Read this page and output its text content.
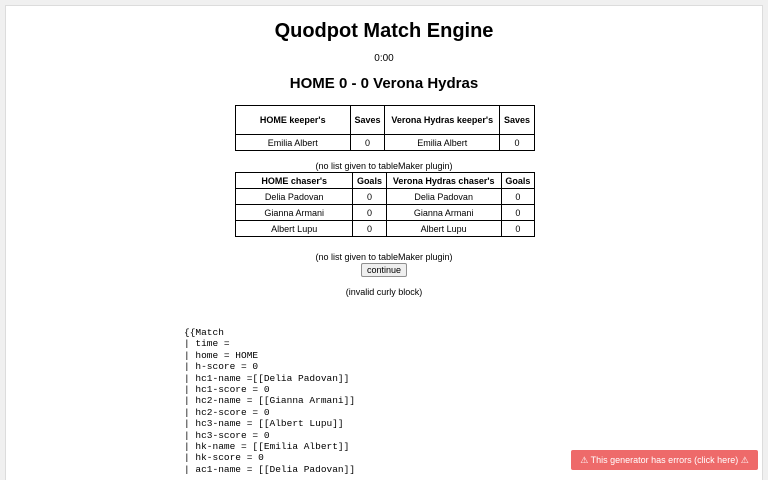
Quodpot Match Engine
0:00
HOME 0 - 0 Verona Hydras
HOME keeper's	Saves	Verona Hydras keeper's	Saves
Emilia Albert	0	Emilia Albert	0
(no list given to tableMaker plugin)
HOME chaser's	Goals	Verona Hydras chaser's	Goals
Delia Padovan	0	Delia Padovan	0
Gianna Armani	0	Gianna Armani	0
Albert Lupu	0	Albert Lupu	0
(no list given to tableMaker plugin)
continue
(invalid curly block)
{{Match
| time =
| home = HOME
| h-score = 0
| hc1-name =[[Delia Padovan]]
| hc1-score = 0
| hc2-name = [[Gianna Armani]]
| hc2-score = 0
| hc3-name = [[Albert Lupu]]
| hc3-score = 0
| hk-name = [[Emilia Albert]]
| hk-score = 0
| ac1-name = [[Delia Padovan]]
⚠ This generator has errors (click here) ⚠
